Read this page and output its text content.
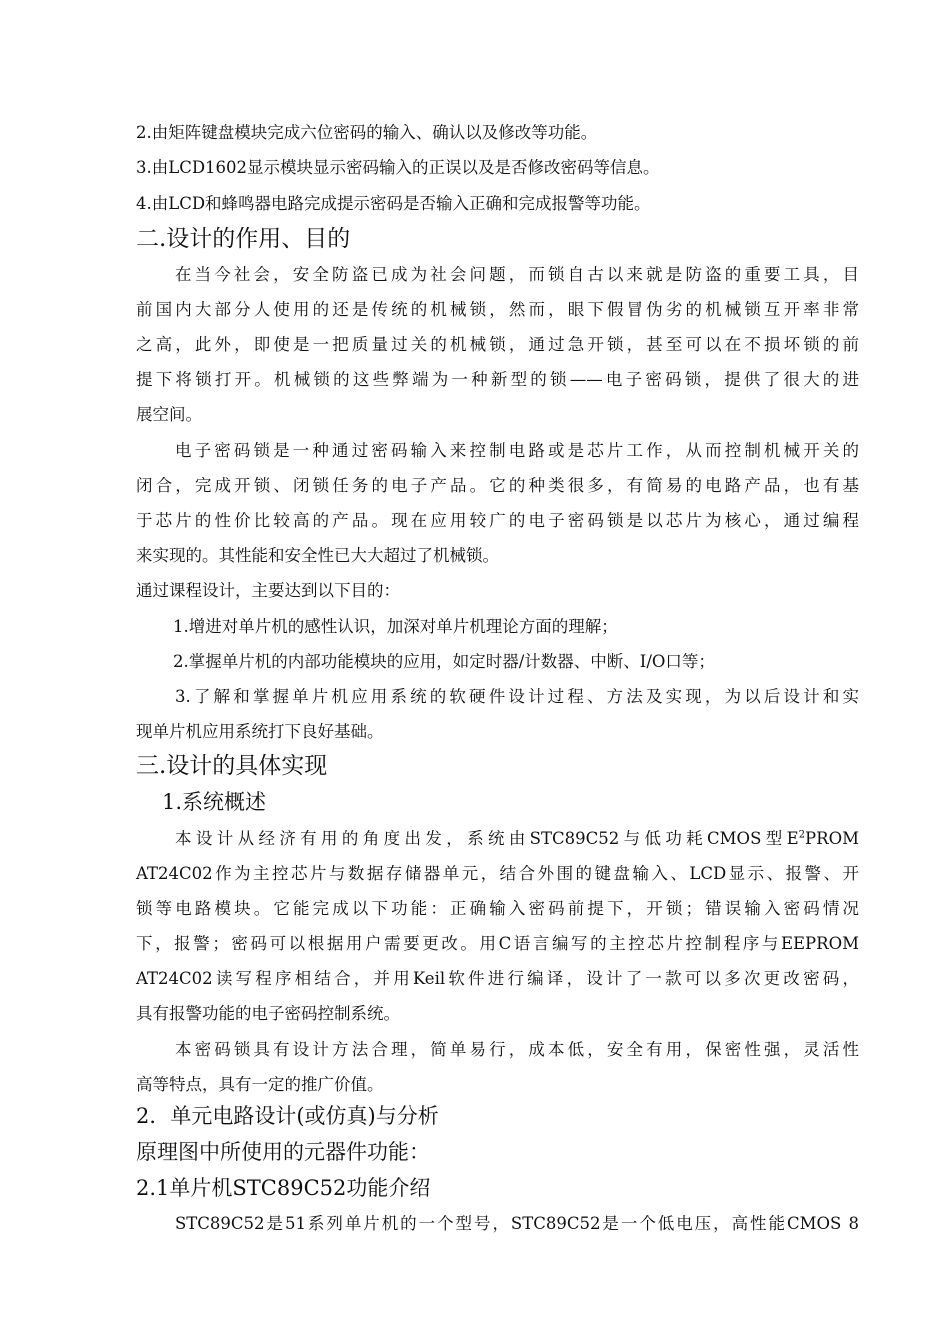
2.由矩阵键盘模块完成六位密码的输入、确认以及修改等功能。
3.由LCD1602显示模块显示密码输入的正误以及是否修改密码等信息。
4.由LCD和蜂鸣器电路完成提示密码是否输入正确和完成报警等功能。
二.设计的作用、目的
在当今社会，安全防盗已成为社会问题，而锁自古以来就是防盗的重要工具，目
前国内大部分人使用的还是传统的机械锁，然而，眼下假冒伪劣的机械锁互开率非常
之高，此外，即使是一把质量过关的机械锁，通过急开锁，甚至可以在不损坏锁的前
提下将锁打开。机械锁的这些弊端为一种新型的锁——电子密码锁，提供了很大的进
展空间。
电子密码锁是一种通过密码输入来控制电路或是芯片工作，从而控制机械开关的
闭合，完成开锁、闭锁任务的电子产品。它的种类很多，有简易的电路产品，也有基
于芯片的性价比较高的产品。现在应用较广的电子密码锁是以芯片为核心，通过编程
来实现的。其性能和安全性已大大超过了机械锁。
通过课程设计，主要达到以下目的：
1.增进对单片机的感性认识，加深对单片机理论方面的理解；
2.掌握单片机的内部功能模块的应用，如定时器/计数器、中断、I/O口等；
3.了解和掌握单片机应用系统的软硬件设计过程、方法及实现，为以后设计和实
现单片机应用系统打下良好基础。
三.设计的具体实现
1.系统概述
本设计从经济有用的角度出发，系统由STC89C52与低功耗CMOS型$E^2PROM$
AT24C02作为主控芯片与数据存储器单元，结合外围的键盘输入、LCD显示、报警、开
锁等电路模块。它能完成以下功能：正确输入密码前提下，开锁；错误输入密码情况
下，报警；密码可以根据用户需要更改。用C语言编写的主控芯片控制程序与EEPROM
AT24C02读写程序相结合，并用Keil软件进行编译，设计了一款可以多次更改密码，
具有报警功能的电子密码控制系统。
本密码锁具有设计方法合理，简单易行，成本低，安全有用，保密性强，灵活性
高等特点，具有一定的推广价值。
2．单元电路设计(或仿真)与分析
原理图中所使用的元器件功能：
2.1单片机STC89C52功能介绍
STC89C52是51系列单片机的一个型号，STC89C52是一个低电压，高性能CMOS 8
